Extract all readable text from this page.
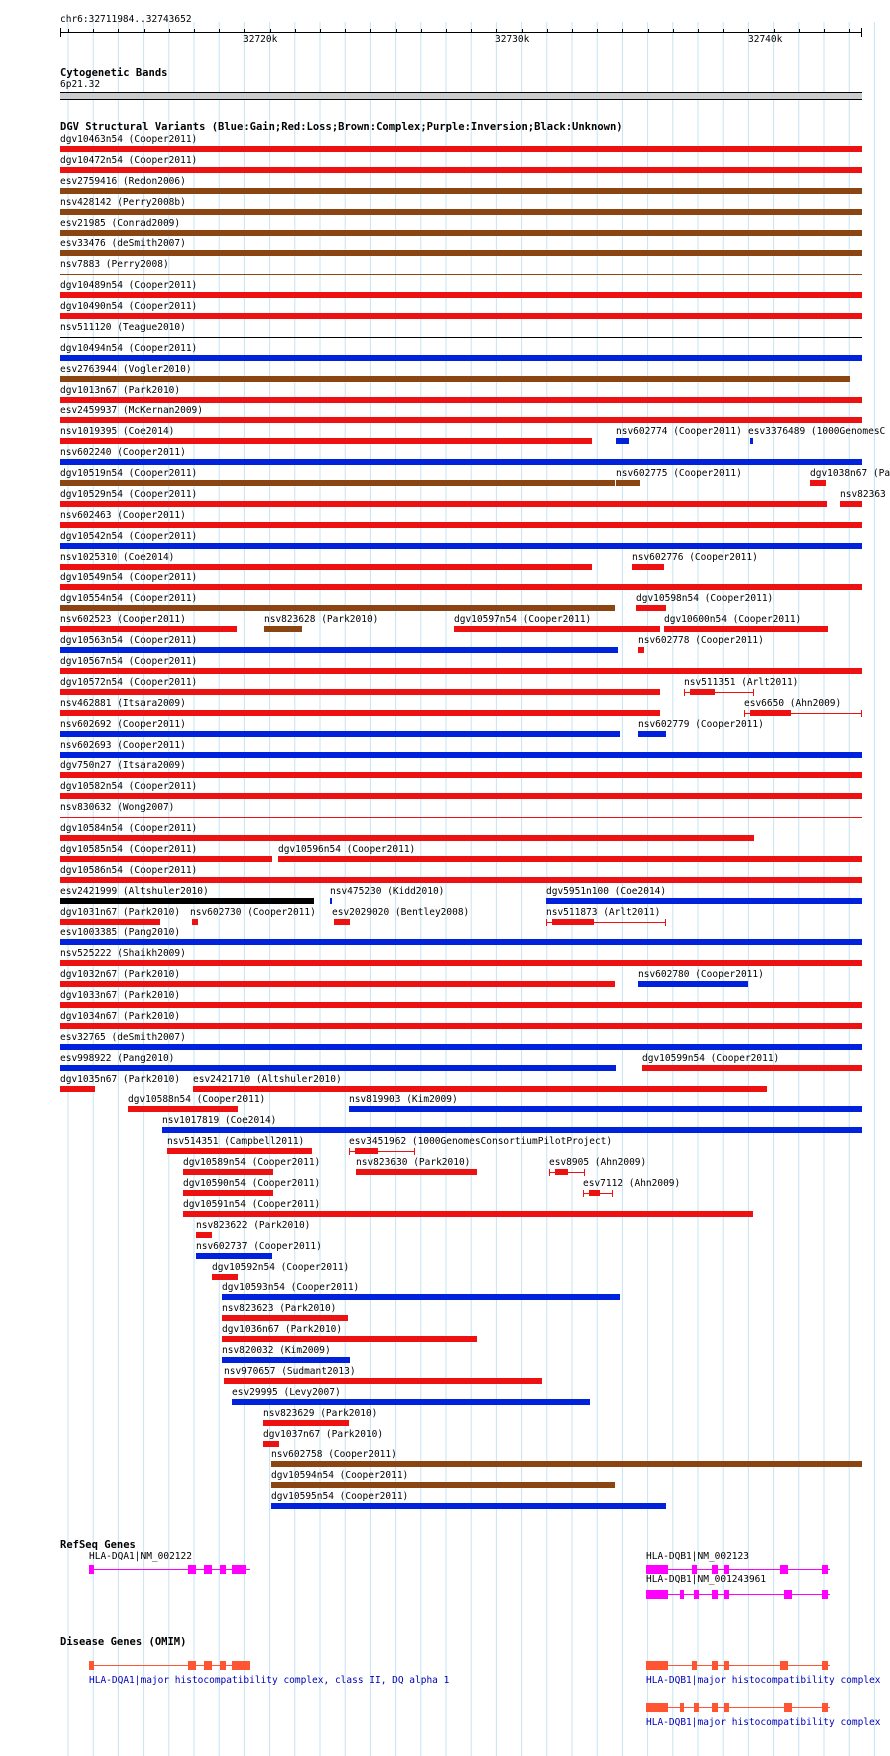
chr6:32711984..32743652
32720k	32730k	32740k
Cytogenetic Bands
6p21.32
DGV Structural Variants (Blue:Gain;Red:Loss;Brown:Complex;Purple:Inversion;Black:Unknown)
dgv10463n54 (Cooper2011)
dgv10472n54 (Cooper2011)
esv2759416 (Redon2006)
nsv428142 (Perry2008b)
esv21985 (Conrad2009)
esv33476 (deSmith2007)
nsv7883 (Perry2008)
dgv10489n54 (Cooper2011)
dgv10490n54 (Cooper2011)
nsv511120 (Teague2010)
dgv10494n54 (Cooper2011)
esv2763944 (Vogler2010)
dgv1013n67 (Park2010)
esv2459937 (McKernan2009)
nsv1019395 (Coe2014)	nsv602774 (Cooper2011) esv3376489 (1000GenomesC
nsv602240 (Cooper2011)
dgv10519n54 (Cooper2011)	nsv602775 (Cooper2011)	dgv1038n67 (Pa
dgv10529n54 (Cooper2011)	nsv82363
nsv602463 (Cooper2011)
dgv10542n54 (Cooper2011)
nsv1025310 (Coe2014)	nsv602776 (Cooper2011)
dgv10549n54 (Cooper2011)
dgv10554n54 (Cooper2011)	dgv10598n54 (Cooper2011)
nsv602523 (Cooper2011)	nsv823628 (Park2010)	dgv10597n54 (Cooper2011)	dgv10600n54 (Cooper2011)
dgv10563n54 (Cooper2011)	nsv602778 (Cooper2011)
dgv10567n54 (Cooper2011)
dgv10572n54 (Cooper2011)	nsv511351 (Arlt2011)
nsv462881 (Itsara2009)	esv6650 (Ahn2009)
nsv602692 (Cooper2011)	nsv602779 (Cooper2011)
nsv602693 (Cooper2011)
dgv750n27 (Itsara2009)
dgv10582n54 (Cooper2011)
nsv830632 (Wong2007)
dgv10584n54 (Cooper2011)
dgv10585n54 (Cooper2011)	dgv10596n54 (Cooper2011)
dgv10586n54 (Cooper2011)
esv2421999 (Altshuler2010)	nsv475230 (Kidd2010)	dgv5951n100 (Coe2014)
dgv1031n67 (Park2010) nsv602730 (Cooper2011) esv2029020 (Bentley2008)	nsv511873 (Arlt2011)
esv1003385 (Pang2010)
nsv525222 (Shaikh2009)
dgv1032n67 (Park2010)	nsv602780 (Cooper2011)
dgv1033n67 (Park2010)
dgv1034n67 (Park2010)
esv32765 (deSmith2007)
esv998922 (Pang2010)	dgv10599n54 (Cooper2011)
dgv1035n67 (Park2010) esv2421710 (Altshuler2010)
dgv10588n54 (Cooper2011)	nsv819903 (Kim2009)
nsv1017819 (Coe2014)
nsv514351 (Campbell2011)	esv3451962 (1000GenomesConsortiumPilotProject)
dgv10589n54 (Cooper2011)	nsv823630 (Park2010)	esv8905 (Ahn2009)
dgv10590n54 (Cooper2011)	esv7112 (Ahn2009)
dgv10591n54 (Cooper2011)
nsv823622 (Park2010)
nsv602737 (Cooper2011)
dgv10592n54 (Cooper2011)
dgv10593n54 (Cooper2011)
nsv823623 (Park2010)
dgv1036n67 (Park2010)
nsv820032 (Kim2009)
nsv970657 (Sudmant2013)
esv29995 (Levy2007)
nsv823629 (Park2010)
dgv1037n67 (Park2010)
nsv602758 (Cooper2011)
dgv10594n54 (Cooper2011)
dgv10595n54 (Cooper2011)
RefSeq Genes
HLA-DQA1|NM_002122	HLA-DQB1|NM_002123
HLA-DQB1|NM_001243961
Disease Genes (OMIM)
HLA-DQA1|major histocompatibility complex, class II, DQ alpha 1	HLA-DQB1|major histocompatibility complex
HLA-DQB1|major histocompatibility complex
